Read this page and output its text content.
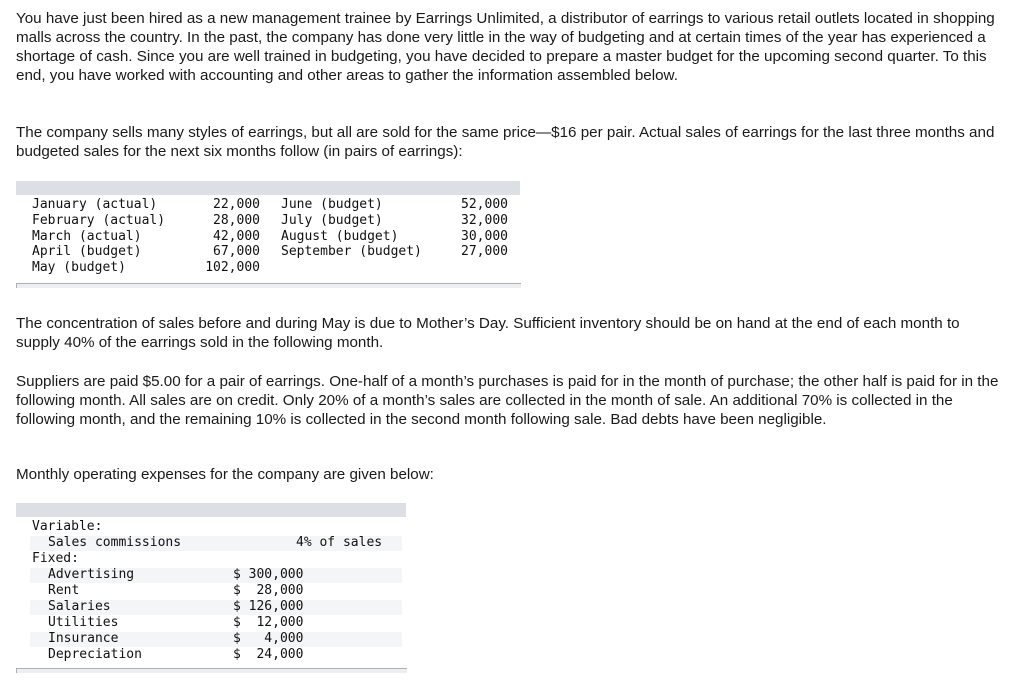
You have just been hired as a new management trainee by Earrings Unlimited, a distributor of earrings to various retail outlets located in shopping malls across the country. In the past, the company has done very little in the way of budgeting and at certain times of the year has experienced a shortage of cash. Since you are well trained in budgeting, you have decided to prepare a master budget for the upcoming second quarter. To this end, you have worked with accounting and other areas to gather the information assembled below.

The company sells many styles of earrings, but all are sold for the same price—$16 per pair. Actual sales of earrings for the last three months and budgeted sales for the next six months follow (in pairs of earrings):

January (actual)	22,000
February (actual)	28,000
March (actual)	42,000
April (budget)	67,000
May (budget)	102,000
June (budget)	52,000
July (budget)	32,000
August (budget)	30,000
September (budget)	27,000

The concentration of sales before and during May is due to Mother’s Day. Sufficient inventory should be on hand at the end of each month to supply 40% of the earrings sold in the following month.

Suppliers are paid $5.00 for a pair of earrings. One-half of a month’s purchases is paid for in the month of purchase; the other half is paid for in the following month. All sales are on credit. Only 20% of a month’s sales are collected in the month of sale. An additional 70% is collected in the following month, and the remaining 10% is collected in the second month following sale. Bad debts have been negligible.

Monthly operating expenses for the company are given below:

Variable:
Sales commissions	4% of sales
Fixed:
Advertising	$ 300,000
Rent	$  28,000
Salaries	$ 126,000
Utilities	$  12,000
Insurance	$   4,000
Depreciation	$  24,000
